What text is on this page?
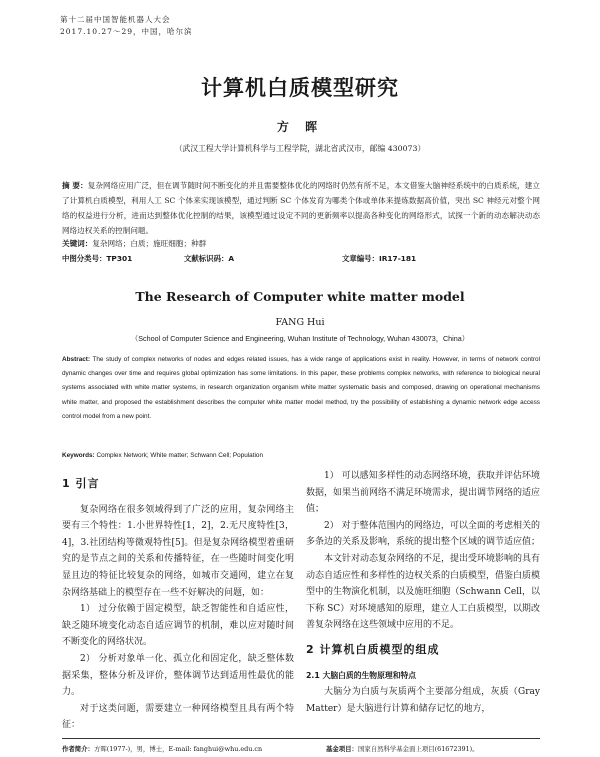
第十二届中国智能机器人大会
2017.10.27～29，中国，哈尔滨
计算机白质模型研究
方 晖
（武汉工程大学计算机科学与工程学院，湖北省武汉市，邮编 430073）
摘 要：复杂网络应用广泛，但在调节随时间不断变化的并且需要整体优化的网络时仍然有所不足，本文借鉴大脑神经系统中的白质系统，建立了计算机白质模型，利用人工 SC 个体来实现该模型，通过判断 SC 个体发育为哪类个体或单体来提炼数据高价值，突出 SC 神经元对整个网络的权益进行分析，进而达到整体优化控制的结果，该模型通过设定不同的更新频率以提高各种变化的网络形式，试探一个新的动态解决动态网络边权关系的控制问题。
关键词：复杂网络；白质；施旺细胞；种群
中图分类号：TP301	文献标识码：A	文章编号：IR17-181
The Research of Computer white matter model
FANG Hui
（School of Computer Science and Engineering, Wuhan Institute of Technology, Wuhan 430073，China）
Abstract: The study of complex networks of nodes and edges related issues, has a wide range of applications exist in reality. However, in terms of network control dynamic changes over time and requires global optimization has some limitations. In this paper, these problems complex networks, with reference to biological neural systems associated with white matter systems, in research organization organism white matter systematic basis and composed, drawing on operational mechanisms white matter, and proposed the establishment describes the computer white matter model method, try the possibility of establishing a dynamic network edge access control model from a new point.
Keywords: Complex Network; White matter; Schwann Cell; Population

1 引言

复杂网络在很多领域得到了广泛的应用，复杂网络主要有三个特性：1.小世界特性[1，2]，2.无尺度特性[3，4]，3.社团结构等微观特性[5]。但是复杂网络模型着重研究的是节点之间的关系和传播特征，在一些随时间变化明显且边的特征比较复杂的网络，如城市交通网，建立在复杂网络基础上的模型存在一些不好解决的问题，如：

1） 过分依赖于固定模型，缺乏智能性和自适应性，缺乏随环境变化动态自适应调节的机制，难以应对随时间不断变化的网络状况。

2） 分析对象单一化、孤立化和固定化，缺乏整体数据采集，整体分析及评价，整体调节达到适用性最优的能力。

对于这类问题，需要建立一种网络模型且具有两个特征：

1） 可以感知多样性的动态网络环境，获取并评估环境数据，如果当前网络不满足环境需求，提出调节网络的适应值；

2） 对于整体范围内的网络边，可以全面的考虑相关的多条边的关系及影响，系统的提出整个区域的调节适应值；

本文针对动态复杂网络的不足，提出受环境影响的具有动态自适应性和多样性的边权关系的白质模型，借鉴白质模型中的生物演化机制，以及施旺细胞（Schwann Cell，以下称 SC）对环境感知的原理，建立人工白质模型，以期改善复杂网络在这些领域中应用的不足。

2 计算机白质模型的组成

2.1 大脑白质的生物原理和特点

大脑分为白质与灰质两个主要部分组成，灰质（Gray Matter）是大脑进行计算和储存记忆的地方，

作者简介：方晖(1977-)，男，博士，E-mail: fanghui@whu.edu.cn	基金项目：国家自然科学基金面上项目(61672391)。
